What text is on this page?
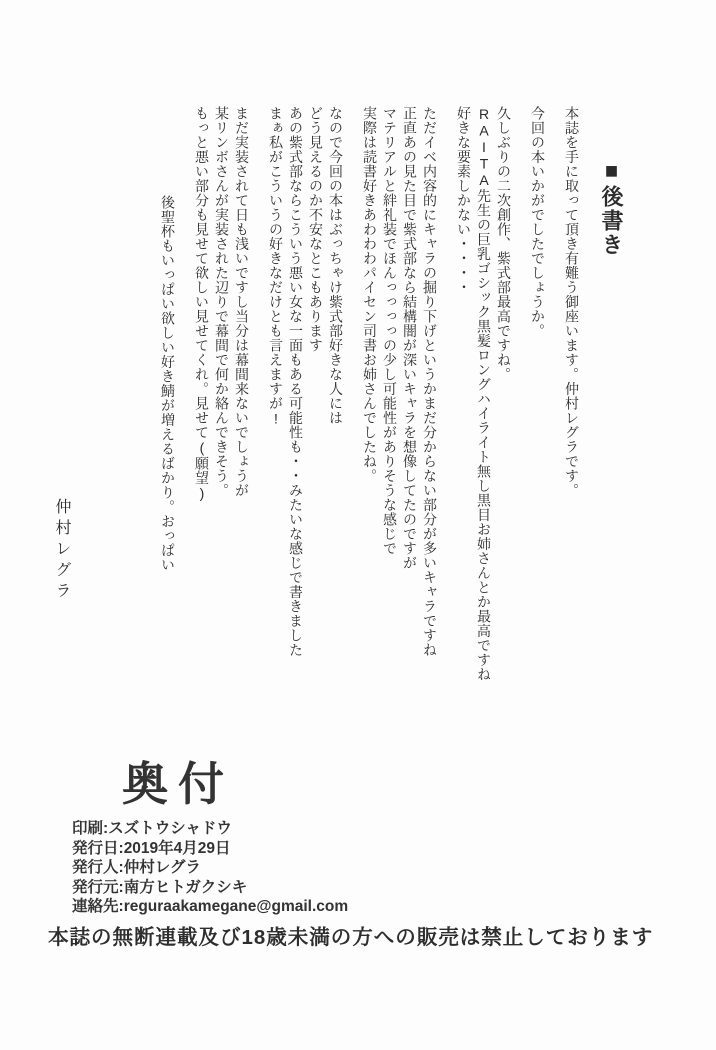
■後書き

本誌を手に取って頂き有難う御座います。仲村レグラです。

今回の本いかがでしたでしょうか。

久しぶりの二次創作、紫式部最高ですね。

RAITA先生の巨乳ゴシック黒髪ロングハイライト無し黒目お姉さんとか最高ですね

好きな要素しかない・・・・

ただイベ内容的にキャラの掘り下げというかまだ分からない部分が多いキャラですね

正直あの見た目で紫式部なら結構闇が深いキャラを想像してたのですが

マテリアルと絆礼装でほんっっっっの少し可能性がありそうな感じで

実際は読書好きあわわわパイセン司書お姉さんでしたね。

なので今回の本はぶっちゃけ紫式部好きな人には

どう見えるのか不安なとこもあります

あの紫式部ならこういう悪い女な一面もある可能性も・・みたいな感じで書きました

まぁ私がこういうの好きなだけとも言えますが!

まだ実装されて日も浅いですし当分は幕間来ないでしょうが

某リンボさんが実装された辺りで幕間で何か絡んできそう。

もっと悪い部分も見せて欲しい見せてくれ。見せて(願望)

後聖杯もいっぱい欲しい好き鯖が増えるばかり。おっぱい

仲村レグラ
奥付
印刷:スズトウシャドウ
発行日:2019年4月29日
発行人:仲村レグラ
発行元:南方ヒトガクシキ
連絡先:reguraakamegane@gmail.com

本誌の無断連載及び18歳未満の方への販売は禁止しております
